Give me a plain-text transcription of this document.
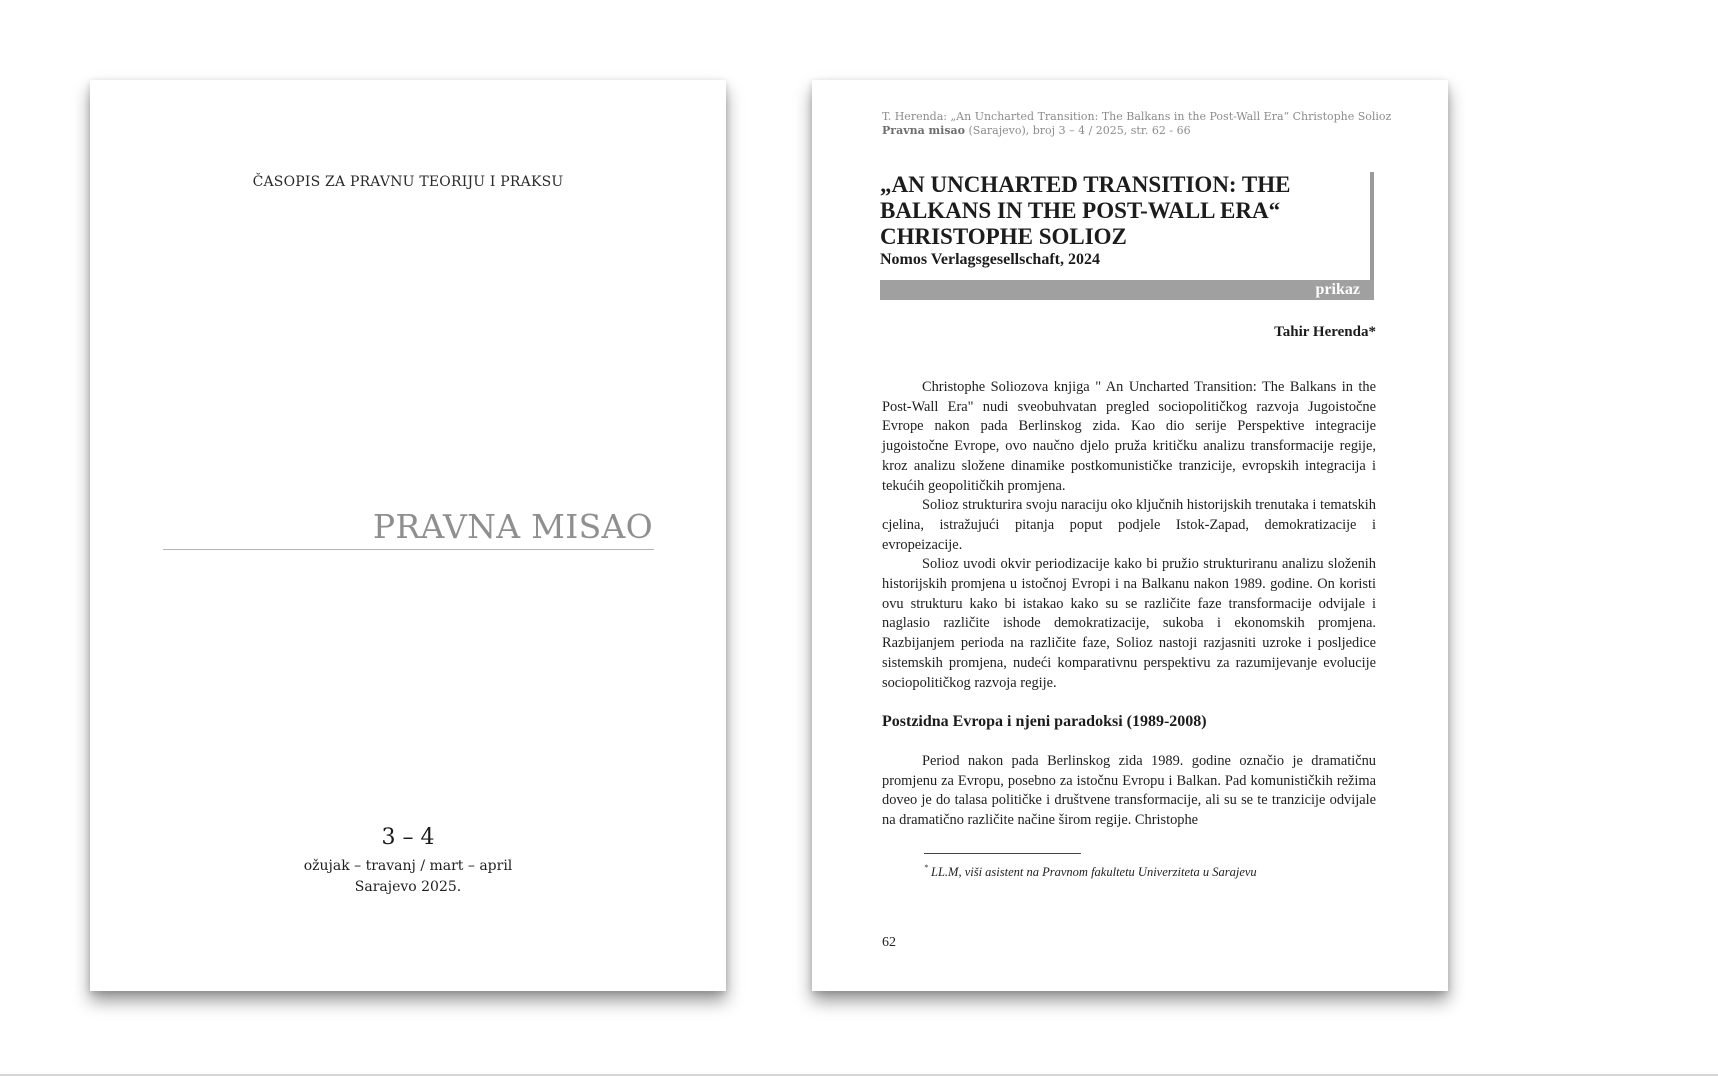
ČASOPIS ZA PRAVNU TEORIJU I PRAKSU
PRAVNA MISAO
3 – 4
ožujak – travanj / mart – april
Sarajevo 2025.
T. Herenda: „An Uncharted Transition: The Balkans in the Post-Wall Era“ Christophe Solioz
Pravna misao (Sarajevo), broj 3 – 4 / 2025, str. 62 - 66
„AN UNCHARTED TRANSITION: THE BALKANS IN THE POST-WALL ERA“ CHRISTOPHE SOLIOZ
Nomos Verlagsgesellschaft, 2024
prikaz
Tahir Herenda*

Christophe Soliozova knjiga " An Uncharted Transition: The Balkans in the Post-Wall Era" nudi sveobuhvatan pregled sociopolitičkog razvoja Jugoistočne Evrope nakon pada Berlinskog zida. Kao dio serije Perspektive integracije jugoistočne Evrope, ovo naučno djelo pruža kritičku analizu transformacije regije, kroz analizu složene dinamike postkomunističke tranzicije, evropskih integracija i tekućih geopolitičkih promjena.

Solioz strukturira svoju naraciju oko ključnih historijskih trenutaka i tematskih cjelina, istražujući pitanja poput podjele Istok-Zapad, demokratizacije i evropeizacije.

Solioz uvodi okvir periodizacije kako bi pružio strukturiranu analizu složenih historijskih promjena u istočnoj Evropi i na Balkanu nakon 1989. godine. On koristi ovu strukturu kako bi istakao kako su se različite faze transformacije odvijale i naglasio različite ishode demokratizacije, sukoba i ekonomskih promjena. Razbijanjem perioda na različite faze, Solioz nastoji razjasniti uzroke i posljedice sistemskih promjena, nudeći komparativnu perspektivu za razumijevanje evolucije sociopolitičkog razvoja regije.

Postzidna Evropa i njeni paradoksi (1989-2008)

Period nakon pada Berlinskog zida 1989. godine označio je dramatičnu promjenu za Evropu, posebno za istočnu Evropu i Balkan. Pad komunističkih režima doveo je do talasa političke i društvene transformacije, ali su se te tranzicije odvijale na dramatično različite načine širom regije. Christophe

* LL.M, viši asistent na Pravnom fakultetu Univerziteta u Sarajevu
62
